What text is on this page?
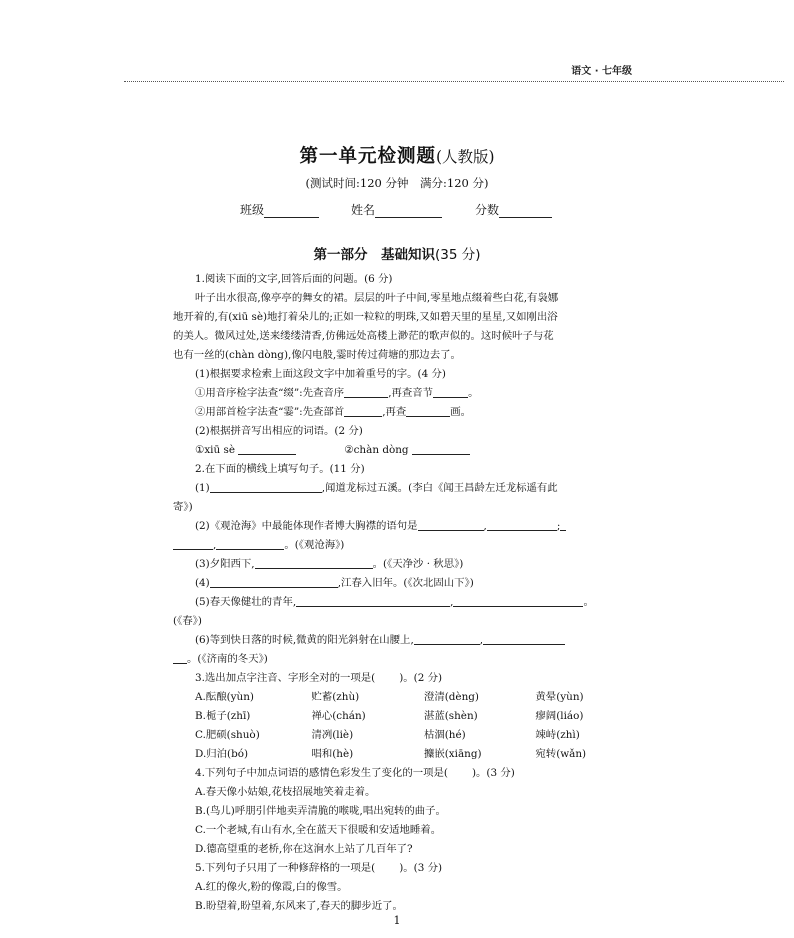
语文 · 七年级
第一单元检测题(人教版)
(测试时间:120 分钟　满分:120 分)
班级	姓名	分数
第一部分　基础知识(35 分)

1.阅读下面的文字,回答后面的问题。(6 分)

叶子出水很高,像亭亭的舞女的裙。层层的叶子中间,零星地点缀着些白花,有袅娜

地开着的,有(xiū sè)地打着朵儿的;正如一粒粒的明珠,又如碧天里的星星,又如刚出浴

的美人。微风过处,送来缕缕清香,仿佛远处高楼上渺茫的歌声似的。这时候叶子与花

也有一丝的(chàn dòng),像闪电般,霎时传过荷塘的那边去了。

(1)根据要求检索上面这段文字中加着重号的字。(4 分)

①用音序检字法查“缀”:先查音序	,再查音节	。

②用部首检字法查“霎”:先查部首	,再查	画。

(2)根据拼音写出相应的词语。(2 分)

①xiū sè	②chàn dòng

2.在下面的横线上填写句子。(11 分)

(1)	,闻道龙标过五溪。(李白《闻王昌龄左迁龙标遥有此

寄》)

(2)《观沧海》中最能体现作者博大胸襟的语句是	,	;

,	。(《观沧海》)

(3)夕阳西下,	。(《天净沙 · 秋思》)

(4)	,江春入旧年。(《次北固山下》)

(5)春天像健壮的青年,	,	。

(《春》)

(6)等到快日落的时候,微黄的阳光斜射在山腰上,	,

。(《济南的冬天》)

3.选出加点字注音、字形全对的一项是( )。(2 分)

A.酝酿(yùn)	贮蓄(zhù)	澄清(dèng)	黄晕(yùn)
B.栀子(zhī)	禅心(chán)	湛蓝(shèn)	瘳阔(liáo)
C.肥硕(shuò)	清冽(liè)	枯涸(hé)	竦峙(zhì)
D.归泊(bó)	唱和(hè)	攗嵌(xiāng)	宛转(wǎn)

4.下列句子中加点词语的感情色彩发生了变化的一项是( )。(3 分)

A.春天像小姑娘,花枝招展地笑着走着。

B.(鸟儿)呼朋引伴地卖弄清脆的喉咙,唱出宛转的曲子。

C.一个老城,有山有水,全在蓝天下很暖和安适地睡着。

D.德高望重的老桥,你在这涧水上站了几百年了?

5.下列句子只用了一种修辞格的一项是( )。(3 分)

A.红的像火,粉的像霞,白的像雪。

B.盼望着,盼望着,东风来了,春天的脚步近了。

1
